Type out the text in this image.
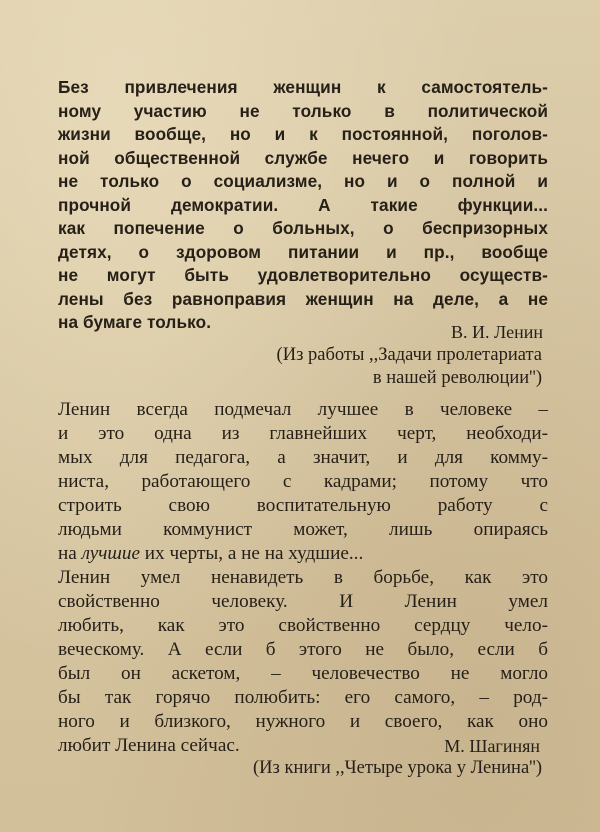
Без привлечения женщин к самостоятель-
ному участию не только в политической
жизни вообще, но и к постоянной, поголов-
ной общественной службе нечего и говорить
не только о социализме, но и о полной и
прочной демократии. А такие функции...
как попечение о больных, о беспризорных
детях, о здоровом питании и пр., вообще
не могут быть удовлетворительно осуществ-
лены без равноправия женщин на деле, а не
на бумаге только.	В. И. Ленин
(Из работы ,,Задачи пролетариата
в нашей революции'')
Ленин всегда подмечал лучшее в человеке –
и это одна из главнейших черт, необходи-
мых для педагога, а значит, и для комму-
ниста, работающего с кадрами; потому что
строить свою воспитательную работу с
людьми коммунист может, лишь опираясь
на лучшие их черты, а не на худшие...
Ленин умел ненавидеть в борьбе, как это
свойственно человеку. И Ленин умел
любить, как это свойственно сердцу чело-
веческому. А если б этого не было, если б
был он аскетом, – человечество не могло
бы так горячо полюбить: его самого, – род-
ного и близкого, нужного и своего, как оно
любит Ленина сейчас.	М. Шагинян
(Из книги ,,Четыре урока у Ленина'')
